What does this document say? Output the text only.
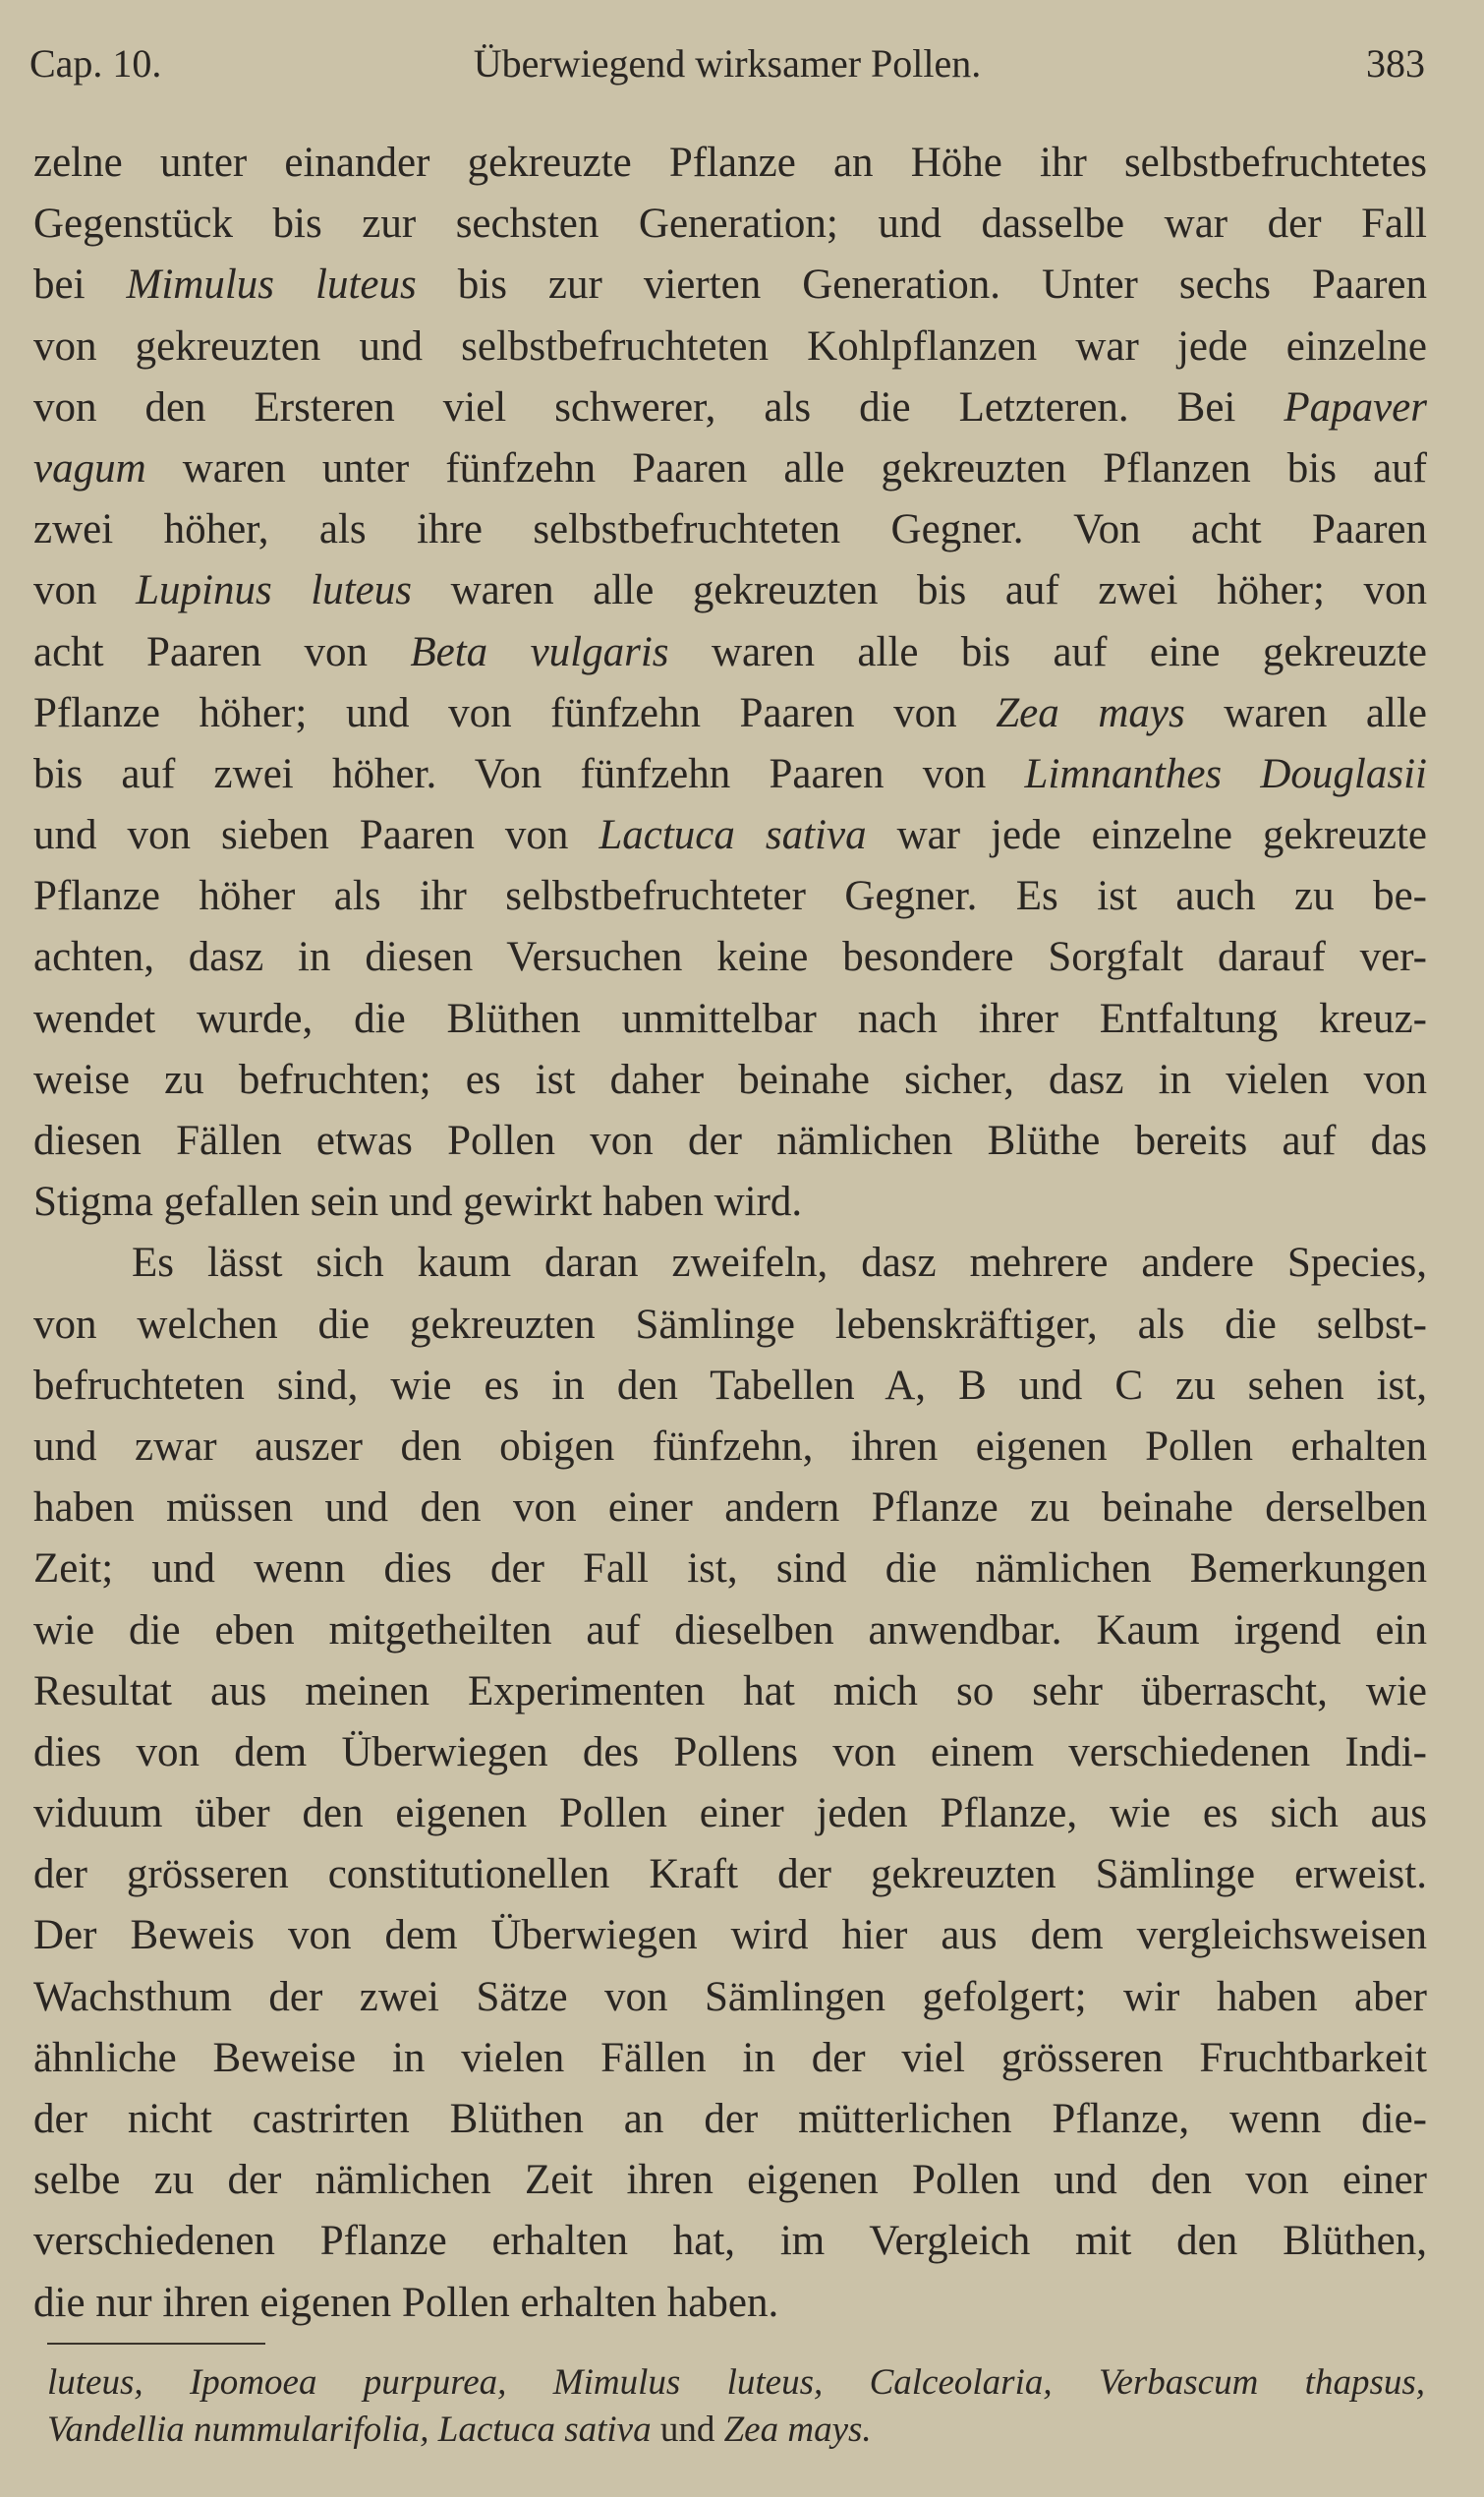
Cap. 10.	Überwiegend wirksamer Pollen.	383
zelne unter einander gekreuzte Pflanze an Höhe ihr selbstbefruchtetes
Gegenstück bis zur sechsten Generation; und dasselbe war der Fall
bei Mimulus luteus bis zur vierten Generation. Unter sechs Paaren
von gekreuzten und selbstbefruchteten Kohlpflanzen war jede einzelne
von den Ersteren viel schwerer, als die Letzteren. Bei Papaver
vagum waren unter fünfzehn Paaren alle gekreuzten Pflanzen bis auf
zwei höher, als ihre selbstbefruchteten Gegner. Von acht Paaren
von Lupinus luteus waren alle gekreuzten bis auf zwei höher; von
acht Paaren von Beta vulgaris waren alle bis auf eine gekreuzte
Pflanze höher; und von fünfzehn Paaren von Zea mays waren alle
bis auf zwei höher. Von fünfzehn Paaren von Limnanthes Douglasii
und von sieben Paaren von Lactuca sativa war jede einzelne gekreuzte
Pflanze höher als ihr selbstbefruchteter Gegner. Es ist auch zu be-
achten, dasz in diesen Versuchen keine besondere Sorgfalt darauf ver-
wendet wurde, die Blüthen unmittelbar nach ihrer Entfaltung kreuz-
weise zu befruchten; es ist daher beinahe sicher, dasz in vielen von
diesen Fällen etwas Pollen von der nämlichen Blüthe bereits auf das
Stigma gefallen sein und gewirkt haben wird.
Es lässt sich kaum daran zweifeln, dasz mehrere andere Species,
von welchen die gekreuzten Sämlinge lebenskräftiger, als die selbst-
befruchteten sind, wie es in den Tabellen A, B und C zu sehen ist,
und zwar auszer den obigen fünfzehn, ihren eigenen Pollen erhalten
haben müssen und den von einer andern Pflanze zu beinahe derselben
Zeit; und wenn dies der Fall ist, sind die nämlichen Bemerkungen
wie die eben mitgetheilten auf dieselben anwendbar. Kaum irgend ein
Resultat aus meinen Experimenten hat mich so sehr überrascht, wie
dies von dem Überwiegen des Pollens von einem verschiedenen Indi-
viduum über den eigenen Pollen einer jeden Pflanze, wie es sich aus
der grösseren constitutionellen Kraft der gekreuzten Sämlinge erweist.
Der Beweis von dem Überwiegen wird hier aus dem vergleichsweisen
Wachsthum der zwei Sätze von Sämlingen gefolgert; wir haben aber
ähnliche Beweise in vielen Fällen in der viel grösseren Fruchtbarkeit
der nicht castrirten Blüthen an der mütterlichen Pflanze, wenn die-
selbe zu der nämlichen Zeit ihren eigenen Pollen und den von einer
verschiedenen Pflanze erhalten hat, im Vergleich mit den Blüthen,
die nur ihren eigenen Pollen erhalten haben.
luteus, Ipomoea purpurea, Mimulus luteus, Calceolaria, Verbascum thapsus,
Vandellia nummularifolia, Lactuca sativa und Zea mays.
